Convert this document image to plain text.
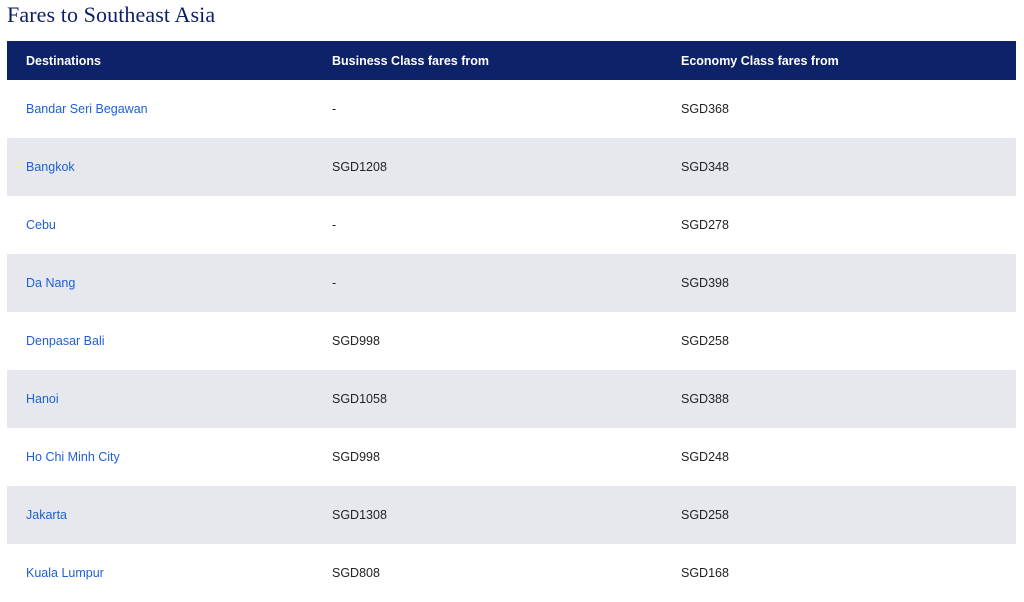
Fares to Southeast Asia
Destinations	Business Class fares from	Economy Class fares from

Bandar Seri Begawan	-	SGD368

Bangkok	SGD1208	SGD348

Cebu	-	SGD278

Da Nang	-	SGD398

Denpasar Bali	SGD998	SGD258

Hanoi	SGD1058	SGD388

Ho Chi Minh City	SGD998	SGD248

Jakarta	SGD1308	SGD258

Kuala Lumpur	SGD808	SGD168
